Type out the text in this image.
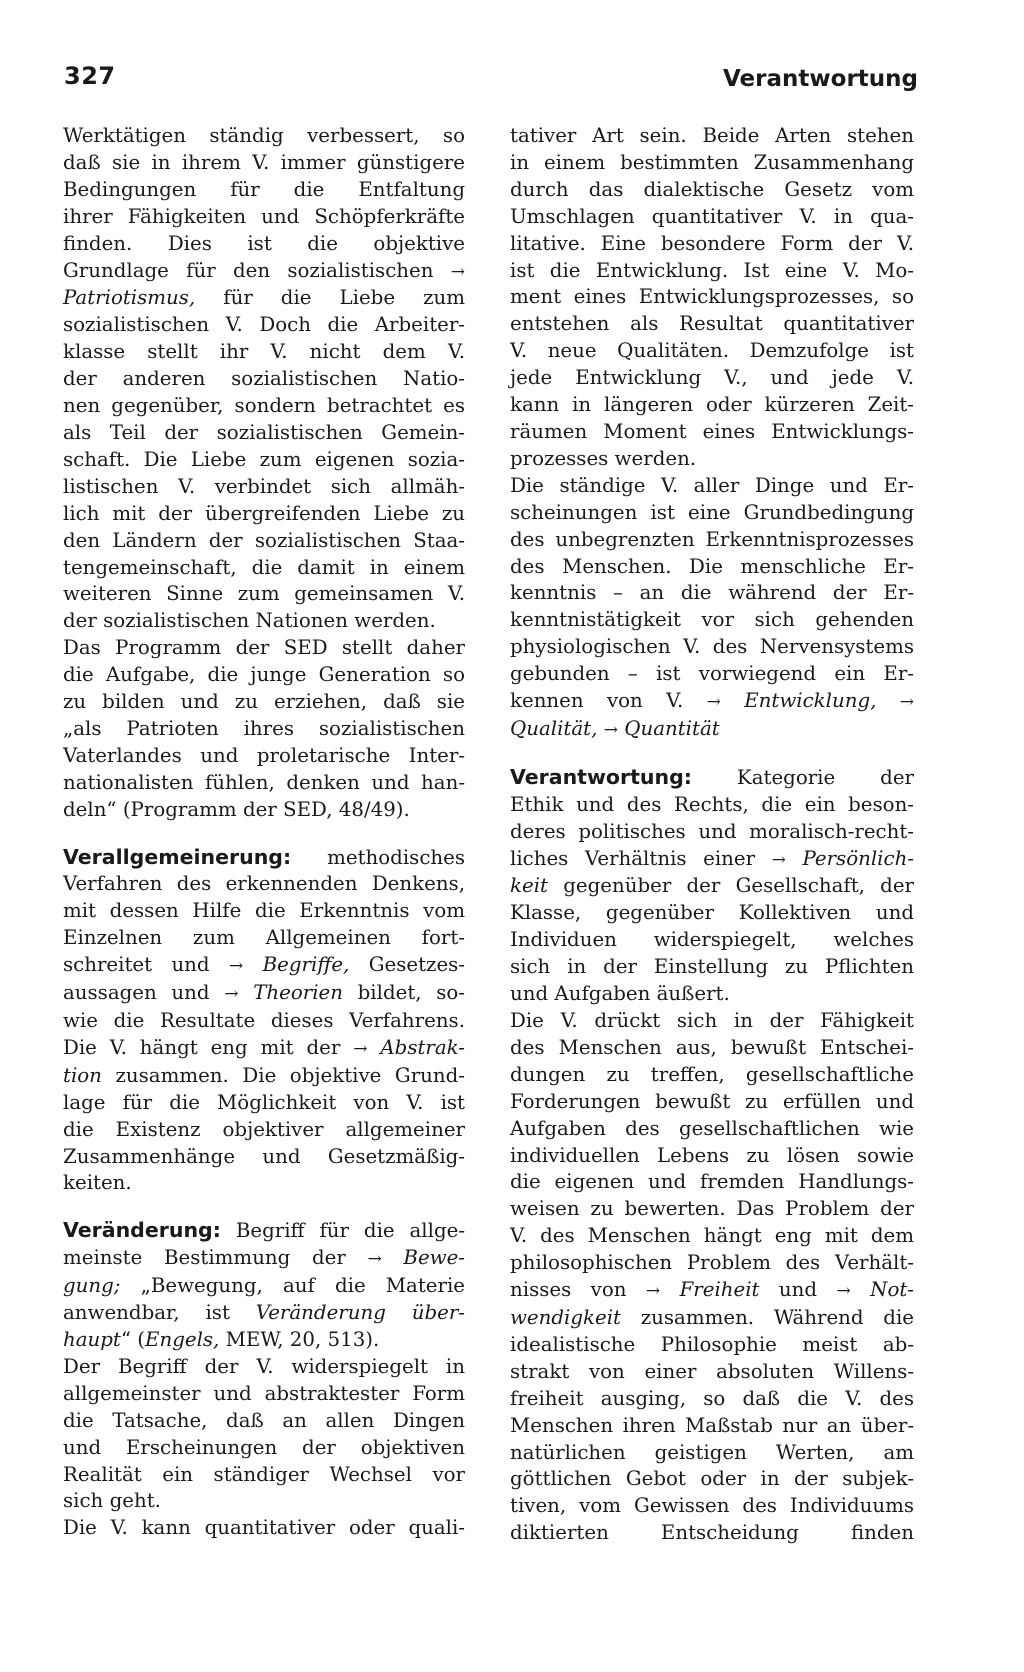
327	Verantwortung

Werktätigen ständig verbessert, so
daß sie in ihrem V. immer günstigere
Bedingungen für die Entfaltung
ihrer Fähigkeiten und Schöpferkräfte
finden. Dies ist die objektive
Grundlage für den sozialistischen →
Patriotismus, für die Liebe zum
sozialistischen V. Doch die Arbeiter-
klasse stellt ihr V. nicht dem V.
der anderen sozialistischen Natio-
nen gegenüber, sondern betrachtet es
als Teil der sozialistischen Gemein-
schaft. Die Liebe zum eigenen sozia-
listischen V. verbindet sich allmäh-
lich mit der übergreifenden Liebe zu
den Ländern der sozialistischen Staa-
tengemeinschaft, die damit in einem
weiteren Sinne zum gemeinsamen V.
der sozialistischen Nationen werden.

Das Programm der SED stellt daher
die Aufgabe, die junge Generation so
zu bilden und zu erziehen, daß sie
„als Patrioten ihres sozialistischen
Vaterlandes und proletarische Inter-
nationalisten fühlen, denken und han-
deln“ (Programm der SED, 48/49).

Verallgemeinerung: methodisches
Verfahren des erkennenden Denkens,
mit dessen Hilfe die Erkenntnis vom
Einzelnen zum Allgemeinen fort-
schreitet und → Begriffe, Gesetzes-
aussagen und → Theorien bildet, so-
wie die Resultate dieses Verfahrens.
Die V. hängt eng mit der → Abstrak-
tion zusammen. Die objektive Grund-
lage für die Möglichkeit von V. ist
die Existenz objektiver allgemeiner
Zusammenhänge und Gesetzmäßig-
keiten.

Veränderung: Begriff für die allge-
meinste Bestimmung der → Bewe-
gung; „Bewegung, auf die Materie
anwendbar, ist Veränderung über-
haupt“ (Engels, MEW, 20, 513).

Der Begriff der V. widerspiegelt in
allgemeinster und abstraktester Form
die Tatsache, daß an allen Dingen
und Erscheinungen der objektiven
Realität ein ständiger Wechsel vor
sich geht.

Die V. kann quantitativer oder quali-

tativer Art sein. Beide Arten stehen
in einem bestimmten Zusammenhang
durch das dialektische Gesetz vom
Umschlagen quantitativer V. in qua-
litative. Eine besondere Form der V.
ist die Entwicklung. Ist eine V. Mo-
ment eines Entwicklungsprozesses, so
entstehen als Resultat quantitativer
V. neue Qualitäten. Demzufolge ist
jede Entwicklung V., und jede V.
kann in längeren oder kürzeren Zeit-
räumen Moment eines Entwicklungs-
prozesses werden.

Die ständige V. aller Dinge und Er-
scheinungen ist eine Grundbedingung
des unbegrenzten Erkenntnisprozesses
des Menschen. Die menschliche Er-
kenntnis – an die während der Er-
kenntnistätigkeit vor sich gehenden
physiologischen V. des Nervensystems
gebunden – ist vorwiegend ein Er-
kennen von V. → Entwicklung, →
Qualität, → Quantität

Verantwortung: Kategorie der
Ethik und des Rechts, die ein beson-
deres politisches und moralisch-recht-
liches Verhältnis einer → Persönlich-
keit gegenüber der Gesellschaft, der
Klasse, gegenüber Kollektiven und
Individuen widerspiegelt, welches
sich in der Einstellung zu Pflichten
und Aufgaben äußert.

Die V. drückt sich in der Fähigkeit
des Menschen aus, bewußt Entschei-
dungen zu treffen, gesellschaftliche
Forderungen bewußt zu erfüllen und
Aufgaben des gesellschaftlichen wie
individuellen Lebens zu lösen sowie
die eigenen und fremden Handlungs-
weisen zu bewerten. Das Problem der
V. des Menschen hängt eng mit dem
philosophischen Problem des Verhält-
nisses von → Freiheit und → Not-
wendigkeit zusammen. Während die
idealistische Philosophie meist ab-
strakt von einer absoluten Willens-
freiheit ausging, so daß die V. des
Menschen ihren Maßstab nur an über-
natürlichen geistigen Werten, am
göttlichen Gebot oder in der subjek-
tiven, vom Gewissen des Individuums
diktierten Entscheidung finden
